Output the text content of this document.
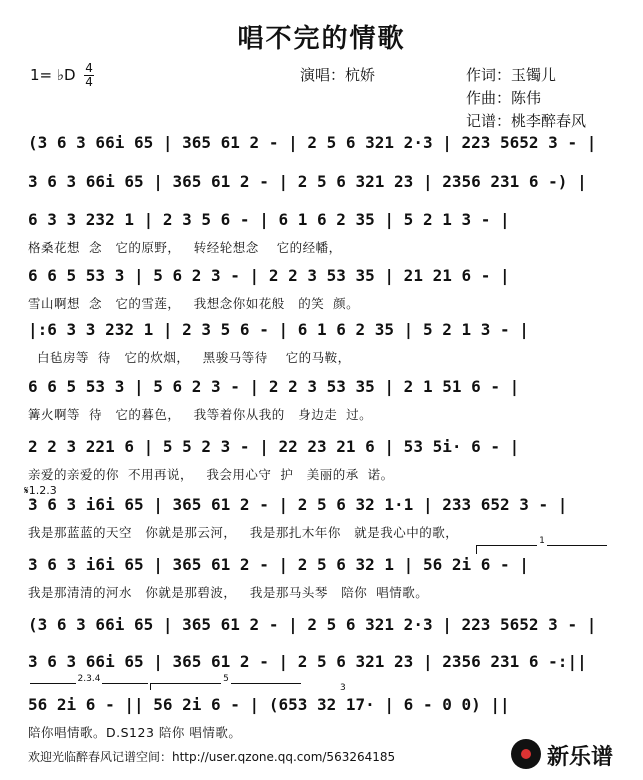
唱不完的情歌
1= ♭D $\frac{4}{4}$	演唱：杭娇	作词：玉镯儿
作曲：陈伟
记谱：桃李醉春风
(3 6 3 66i 65 | 365 61 2 - | 2 5 6 321 2·3 | 223 5652 3 - |
3 6 3 66i 65 | 365 61 2 - | 2 5 6 321 23 | 2356 231 6 -) |
6 3 3 232 1 | 2 3 5 6 - | 6 1 6 2 35 | 5 2 1 3 - |
格桑花想  念   它的原野，   转经轮想念    它的经幡，
6 6 5 53 3 | 5 6 2 3 - | 2 2 3 53 35 | 21 21 6 - |
雪山啊想  念   它的雪莲，   我想念你如花般   的笑  颜。
|:6 3 3 232 1 | 2 3 5 6 - | 6 1 6 2 35 | 5 2 1 3 - |
白毡房等  待   它的炊烟，   黑骏马等待    它的马鞍，
6 6 5 53 3 | 5 6 2 3 - | 2 2 3 53 35 | 2 1 51 6 - |
篝火啊等  待   它的暮色，   我等着你从我的   身边走  过。
2 2 3 221 6 | 5 5 2 3 - | 22 23 21 6 | 53 5i· 6 - |
亲爱的亲爱的你  不用再说，   我会用心守  护   美丽的承  诺。
𝄋1.2.3
3 6 3 i6i 65 | 365 61 2 - | 2 5 6 32 1·1 | 233 652 3 - |
我是那蓝蓝的天空   你就是那云河，   我是那扎木年你   就是我心中的歌，
3 6 3 i6i 65 | 365 61 2 - | 2 5 6 32 1 | 56 2i 6 - |
我是那清清的河水   你就是那碧波，   我是那马头琴   陪你  唱情歌。
1
(3 6 3 66i 65 | 365 61 2 - | 2 5 6 321 2·3 | 223 5652 3 - |
3 6 3 66i 65 | 365 61 2 - | 2 5 6 321 23 | 2356 231 6 -:||
2.3.4	5
3
56 2i 6 - || 56 2i 6 - | (653 32 17· | 6 - 0 0) ||
陪你唱情歌。D.S123 陪你 唱情歌。
欢迎光临醉春风记谱空间：http://user.qzone.qq.com/563264185	新乐谱
